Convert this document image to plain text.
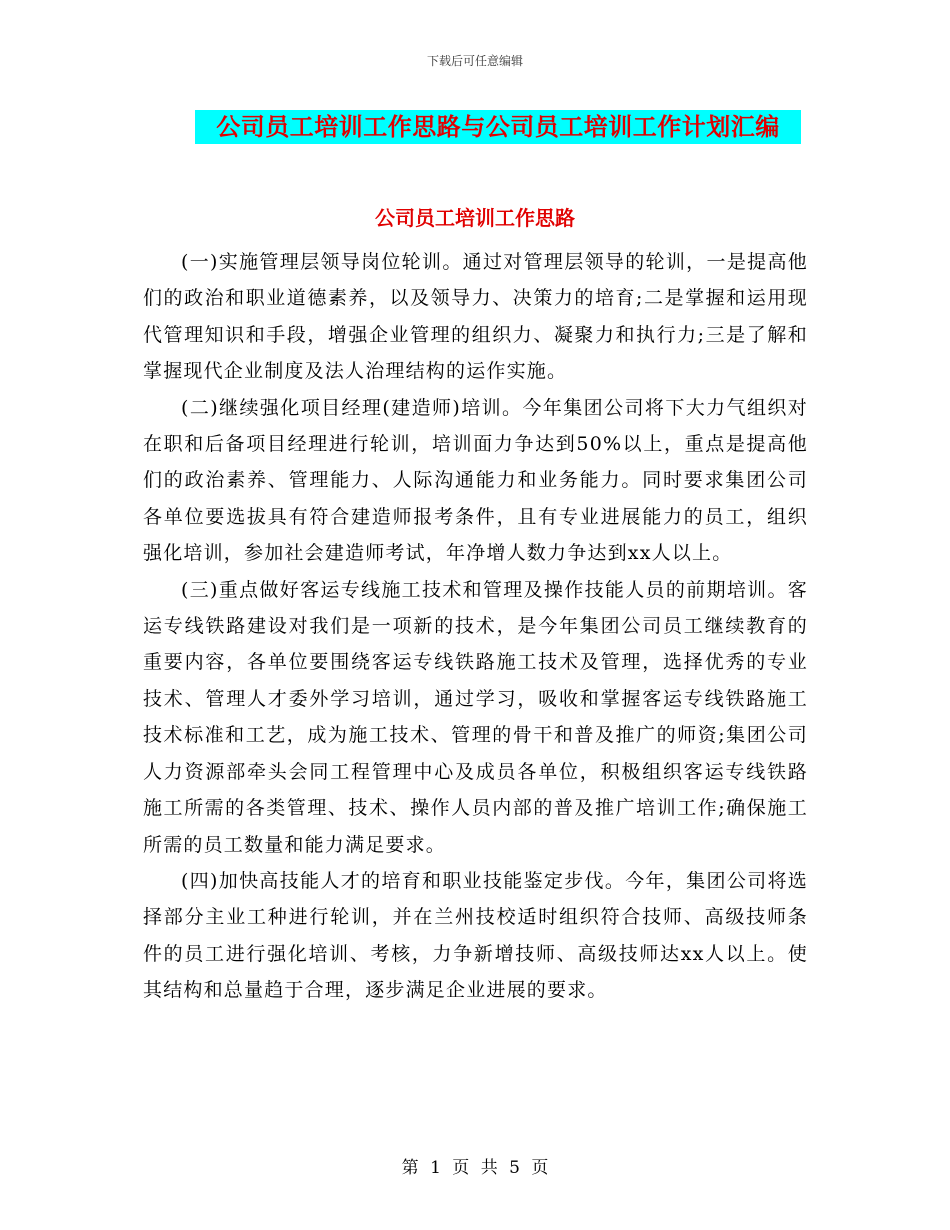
下载后可任意编辑
公司员工培训工作思路与公司员工培训工作计划汇编
公司员工培训工作思路

(一)实施管理层领导岗位轮训。通过对管理层领导的轮训，一是提高他们的政治和职业道德素养，以及领导力、决策力的培育;二是掌握和运用现代管理知识和手段，增强企业管理的组织力、凝聚力和执行力;三是了解和掌握现代企业制度及法人治理结构的运作实施。

(二)继续强化项目经理(建造师)培训。今年集团公司将下大力气组织对在职和后备项目经理进行轮训，培训面力争达到50%以上，重点是提高他们的政治素养、管理能力、人际沟通能力和业务能力。同时要求集团公司各单位要选拔具有符合建造师报考条件，且有专业进展能力的员工，组织强化培训，参加社会建造师考试，年净增人数力争达到xx人以上。

(三)重点做好客运专线施工技术和管理及操作技能人员的前期培训。客运专线铁路建设对我们是一项新的技术，是今年集团公司员工继续教育的重要内容，各单位要围绕客运专线铁路施工技术及管理，选择优秀的专业技术、管理人才委外学习培训，通过学习，吸收和掌握客运专线铁路施工技术标准和工艺，成为施工技术、管理的骨干和普及推广的师资;集团公司人力资源部牵头会同工程管理中心及成员各单位，积极组织客运专线铁路施工所需的各类管理、技术、操作人员内部的普及推广培训工作;确保施工所需的员工数量和能力满足要求。

(四)加快高技能人才的培育和职业技能鉴定步伐。今年，集团公司将选择部分主业工种进行轮训，并在兰州技校适时组织符合技师、高级技师条件的员工进行强化培训、考核，力争新增技师、高级技师达xx人以上。使其结构和总量趋于合理，逐步满足企业进展的要求。

第 1 页 共 5 页
